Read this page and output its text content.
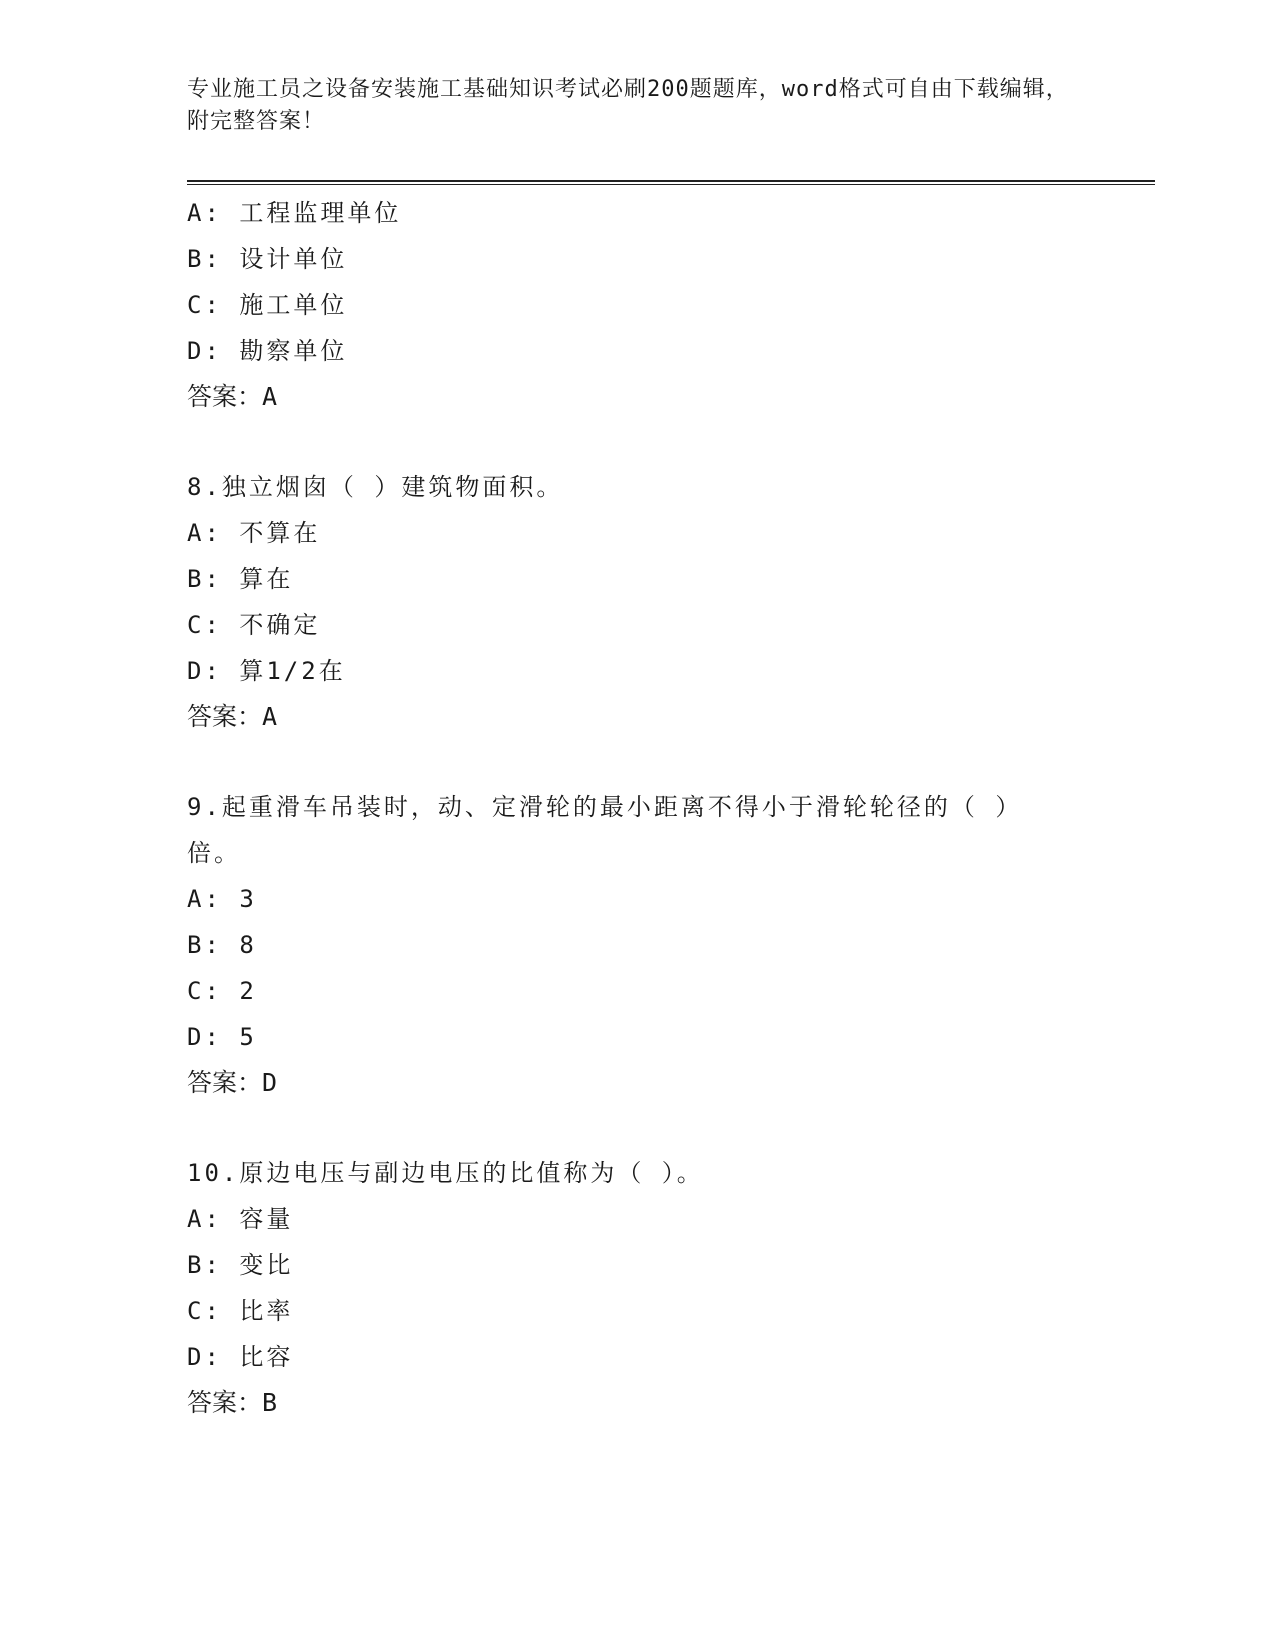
专业施工员之设备安装施工基础知识考试必刷200题题库，word格式可自由下载编辑，附完整答案！
A: 工程监理单位
B: 设计单位
C: 施工单位
D: 勘察单位
答案：A
8.独立烟囱（ ）建筑物面积。
A: 不算在
B: 算在
C: 不确定
D: 算1/2在
答案：A
9.起重滑车吊装时，动、定滑轮的最小距离不得小于滑轮轮径的（ ）倍。
A: 3
B: 8
C: 2
D: 5
答案：D
10.原边电压与副边电压的比值称为（ ）。
A: 容量
B: 变比
C: 比率
D: 比容
答案：B
